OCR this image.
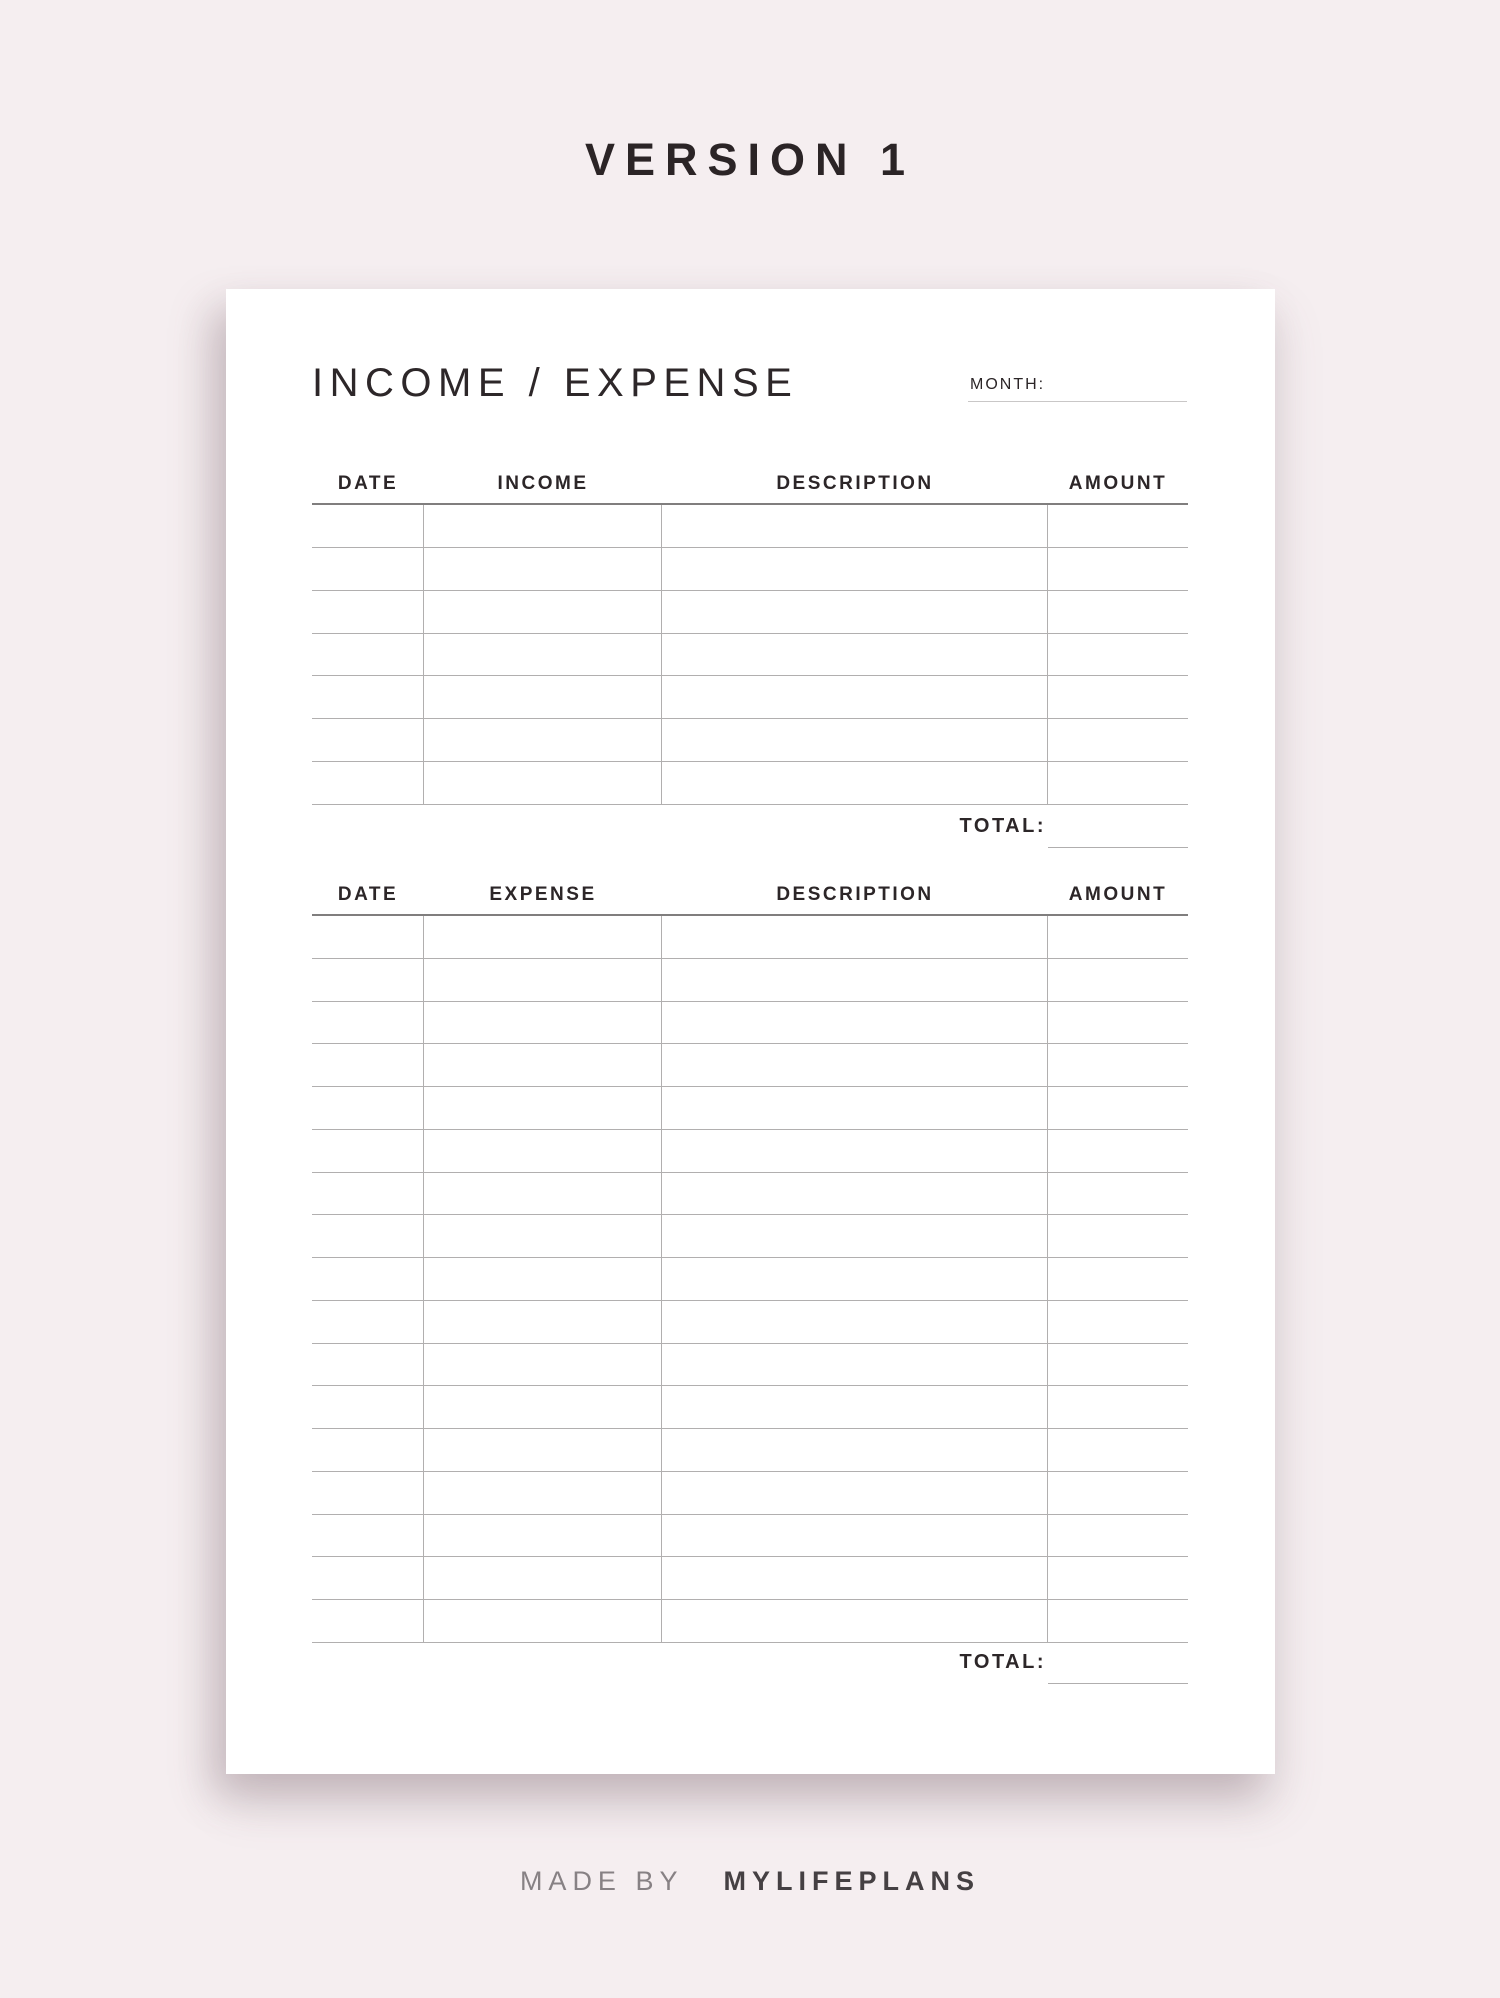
VERSION 1
INCOME / EXPENSE	MONTH:
DATE	INCOME	DESCRIPTION	AMOUNT
TOTAL:
DATE	EXPENSE	DESCRIPTION	AMOUNT
TOTAL:
MADE BY MYLIFEPLANS
